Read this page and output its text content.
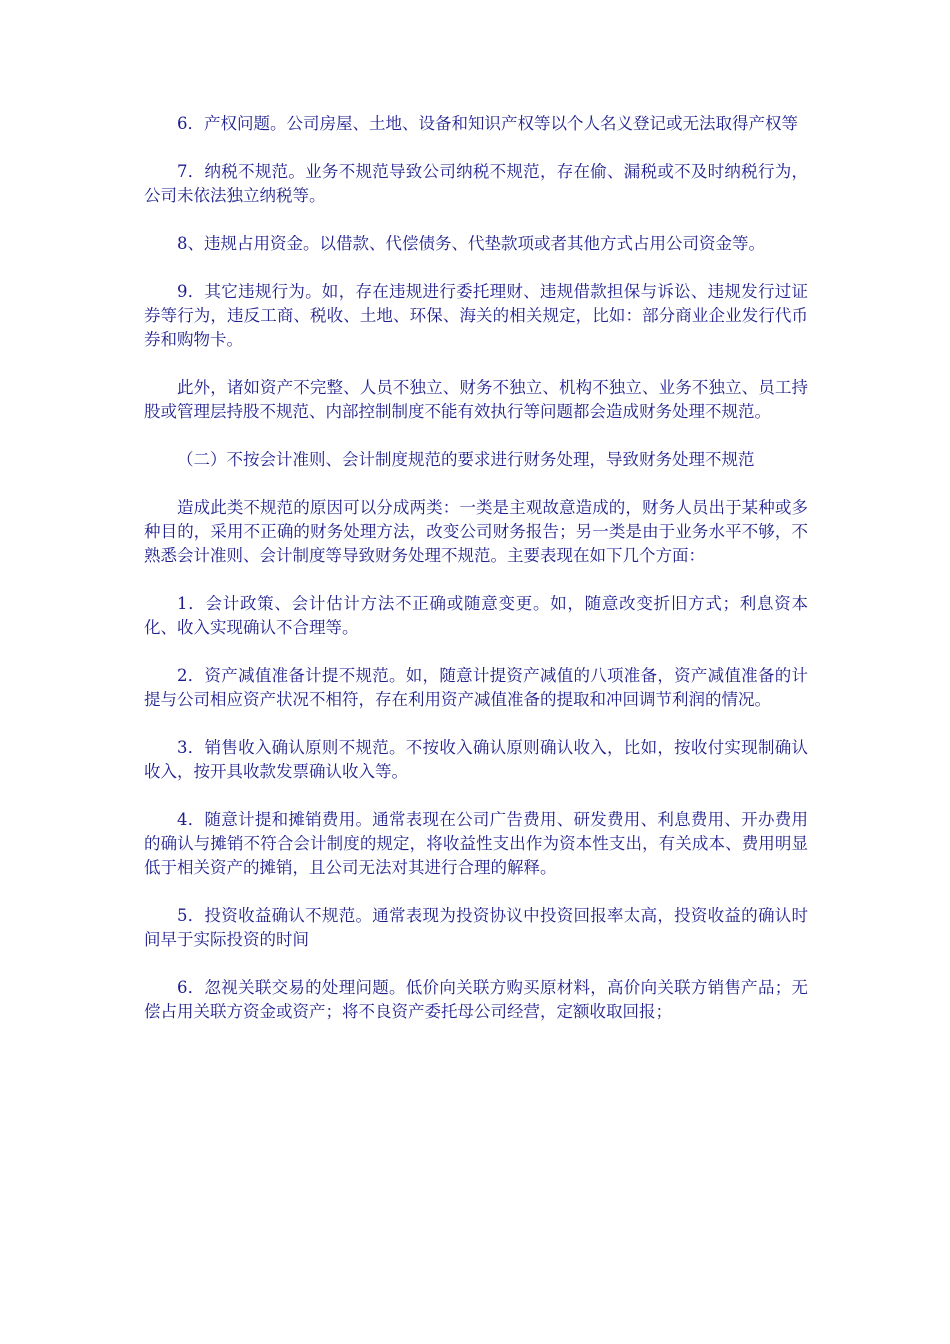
6．产权问题。公司房屋、土地、设备和知识产权等以个人名义登记或无法取得产权等

7．纳税不规范。业务不规范导致公司纳税不规范，存在偷、漏税或不及时纳税行为，公司未依法独立纳税等。

8、违规占用资金。以借款、代偿债务、代垫款项或者其他方式占用公司资金等。

9．其它违规行为。如，存在违规进行委托理财、违规借款担保与诉讼、违规发行过证券等行为，违反工商、税收、土地、环保、海关的相关规定，比如：部分商业企业发行代币券和购物卡。

此外，诸如资产不完整、人员不独立、财务不独立、机构不独立、业务不独立、员工持股或管理层持股不规范、内部控制制度不能有效执行等问题都会造成财务处理不规范。

（二）不按会计准则、会计制度规范的要求进行财务处理，导致财务处理不规范

造成此类不规范的原因可以分成两类：一类是主观故意造成的，财务人员出于某种或多种目的，采用不正确的财务处理方法，改变公司财务报告；另一类是由于业务水平不够，不熟悉会计准则、会计制度等导致财务处理不规范。主要表现在如下几个方面：

1．会计政策、会计估计方法不正确或随意变更。如，随意改变折旧方式；利息资本化、收入实现确认不合理等。

2．资产减值准备计提不规范。如，随意计提资产减值的八项准备，资产减值准备的计提与公司相应资产状况不相符，存在利用资产减值准备的提取和冲回调节利润的情况。

3．销售收入确认原则不规范。不按收入确认原则确认收入，比如，按收付实现制确认收入，按开具收款发票确认收入等。

4．随意计提和摊销费用。通常表现在公司广告费用、研发费用、利息费用、开办费用的确认与摊销不符合会计制度的规定，将收益性支出作为资本性支出，有关成本、费用明显低于相关资产的摊销，且公司无法对其进行合理的解释。

5．投资收益确认不规范。通常表现为投资协议中投资回报率太高，投资收益的确认时间早于实际投资的时间

6．忽视关联交易的处理问题。低价向关联方购买原材料，高价向关联方销售产品；无偿占用关联方资金或资产；将不良资产委托母公司经营，定额收取回报；
